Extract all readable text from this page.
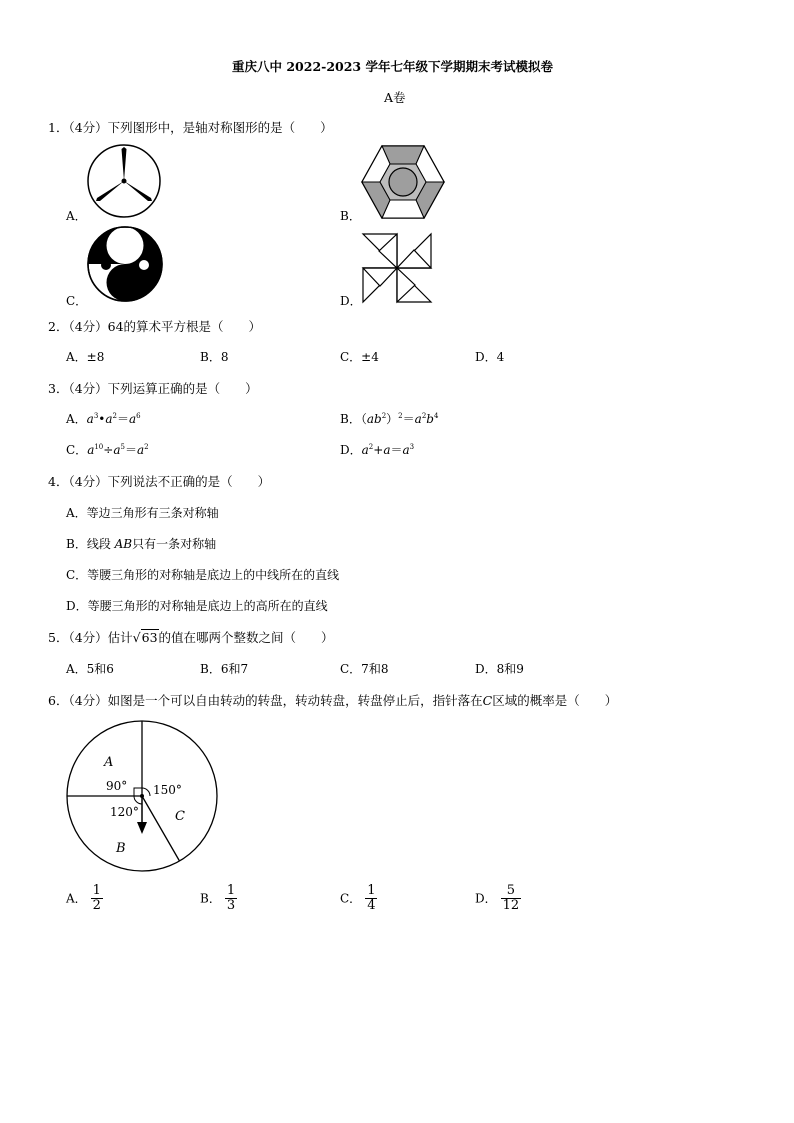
重庆八中 2022-2023 学年七年级下学期期末考试模拟卷
A卷
1．（4分）下列图形中，是轴对称图形的是（　　）
A．	B．
C．	D．
2．（4分）64的算术平方根是（　　）
A．±8	B．8	C．±4	D．4
3．（4分）下列运算正确的是（　　）
A．$a^3•a^2=a^6$	B．$(ab^2)^2=a^2b^4$
C．$a^{10}\div a^5=a^2$	D．$a^2+a=a^3$
4．（4分）下列说法不正确的是（　　）
A．等边三角形有三条对称轴
B．线段 AB只有一条对称轴
C．等腰三角形的对称轴是底边上的中线所在的直线
D．等腰三角形的对称轴是底边上的高所在的直线
5．（4分）估计√63的值在哪两个整数之间（　　）
A．5和6	B．6和7	C．7和8	D．8和9
6．（4分）如图是一个可以自由转动的转盘，转动转盘，转盘停止后，指针落在C区域的概率是（　　）
A
90° 150°
120°	C
B
A． $\frac{1}{2}$	B． $\frac{1}{3}$	C． $\frac{1}{4}$	D． $\frac{5}{12}$
